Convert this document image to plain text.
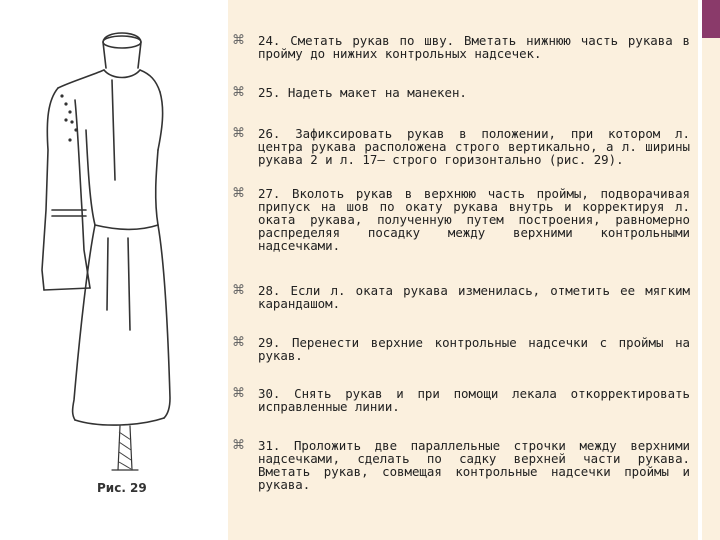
Рис. 29
⌘	24. Сметать рукав по шву. Вметать нижнюю часть рукава в пройму до нижних контрольных надсечек.
⌘	25. Надеть макет на манекен.
⌘	26. Зафиксировать рукав в положении, при котором л. центра рукава расположена строго вертикально, а л. ширины рукава 2 и л. 17— строго горизонтально (рис. 29).
⌘	27. Вколоть рукав в верхнюю часть проймы, подворачивая припуск на шов по окату рукава внутрь и корректируя л. оката рукава, полученную путем построения, равномерно распределяя посадку между верхними контрольными надсечками.
⌘	28. Если л. оката рукава изменилась, отметить ее мягким карандашом.
⌘	29. Перенести верхние контрольные надсечки с проймы на рукав.
⌘	30. Снять рукав и при помощи лекала откорректировать исправленные линии.
⌘	31. Проложить две параллельные строчки между верхними надсечками, сделать по садку верхней части рукава. Вметать рукав, совмещая контрольные надсечки проймы и рукава.
